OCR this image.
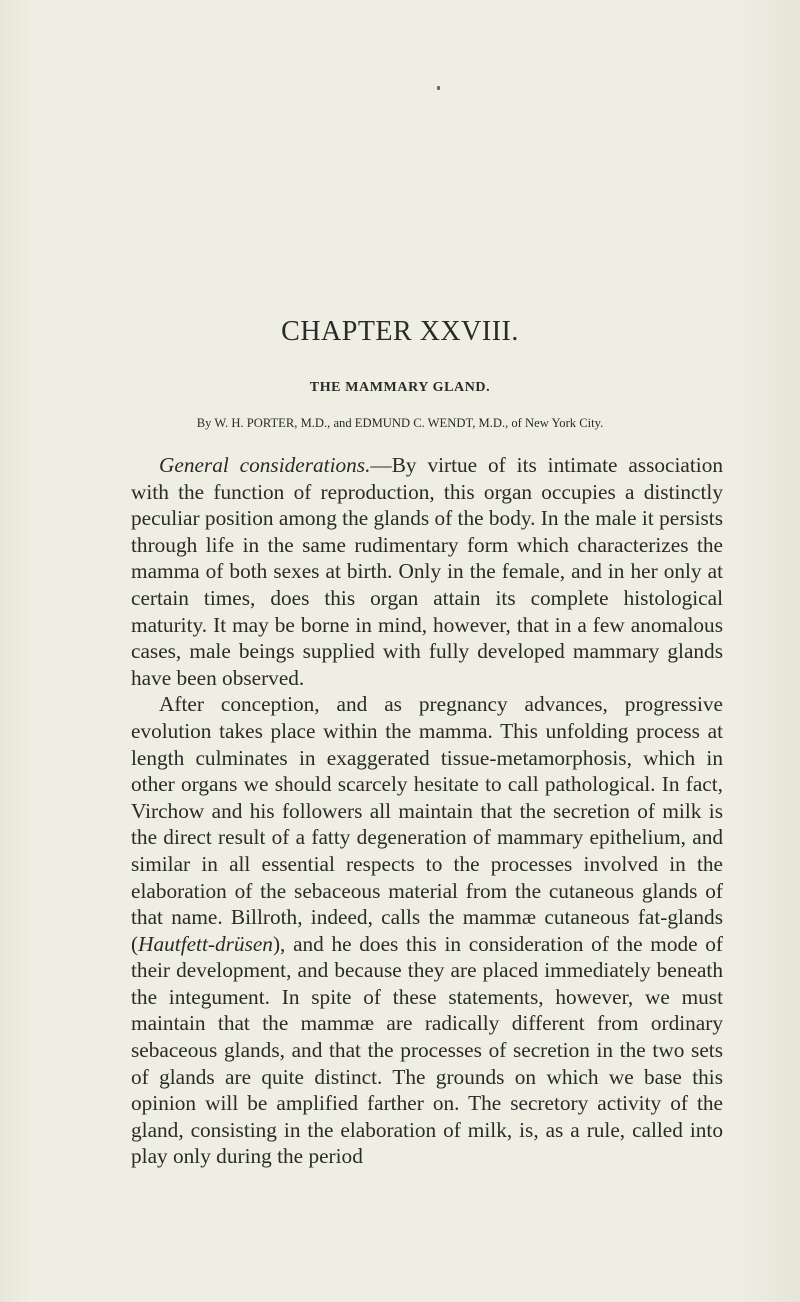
CHAPTER XXVIII.
THE MAMMARY GLAND.

By W. H. PORTER, M.D., and EDMUND C. WENDT, M.D., of New York City.

General considerations.—By virtue of its intimate association with the function of reproduction, this organ occupies a distinctly peculiar position among the glands of the body. In the male it persists through life in the same rudimentary form which characterizes the mamma of both sexes at birth. Only in the female, and in her only at certain times, does this organ attain its complete histological maturity. It may be borne in mind, however, that in a few anomalous cases, male beings supplied with fully developed mammary glands have been observed.

After conception, and as pregnancy advances, progressive evolution takes place within the mamma. This unfolding process at length culminates in exaggerated tissue-metamorphosis, which in other organs we should scarcely hesitate to call pathological. In fact, Virchow and his followers all maintain that the secretion of milk is the direct result of a fatty degeneration of mammary epithelium, and similar in all essential respects to the processes involved in the elaboration of the sebaceous material from the cutaneous glands of that name. Billroth, indeed, calls the mammæ cutaneous fat-glands (Hautfett-drüsen), and he does this in consideration of the mode of their development, and because they are placed immediately beneath the integument. In spite of these statements, however, we must maintain that the mammæ are radically different from ordinary sebaceous glands, and that the processes of secretion in the two sets of glands are quite distinct. The grounds on which we base this opinion will be amplified farther on. The secretory activity of the gland, consisting in the elaboration of milk, is, as a rule, called into play only during the period
